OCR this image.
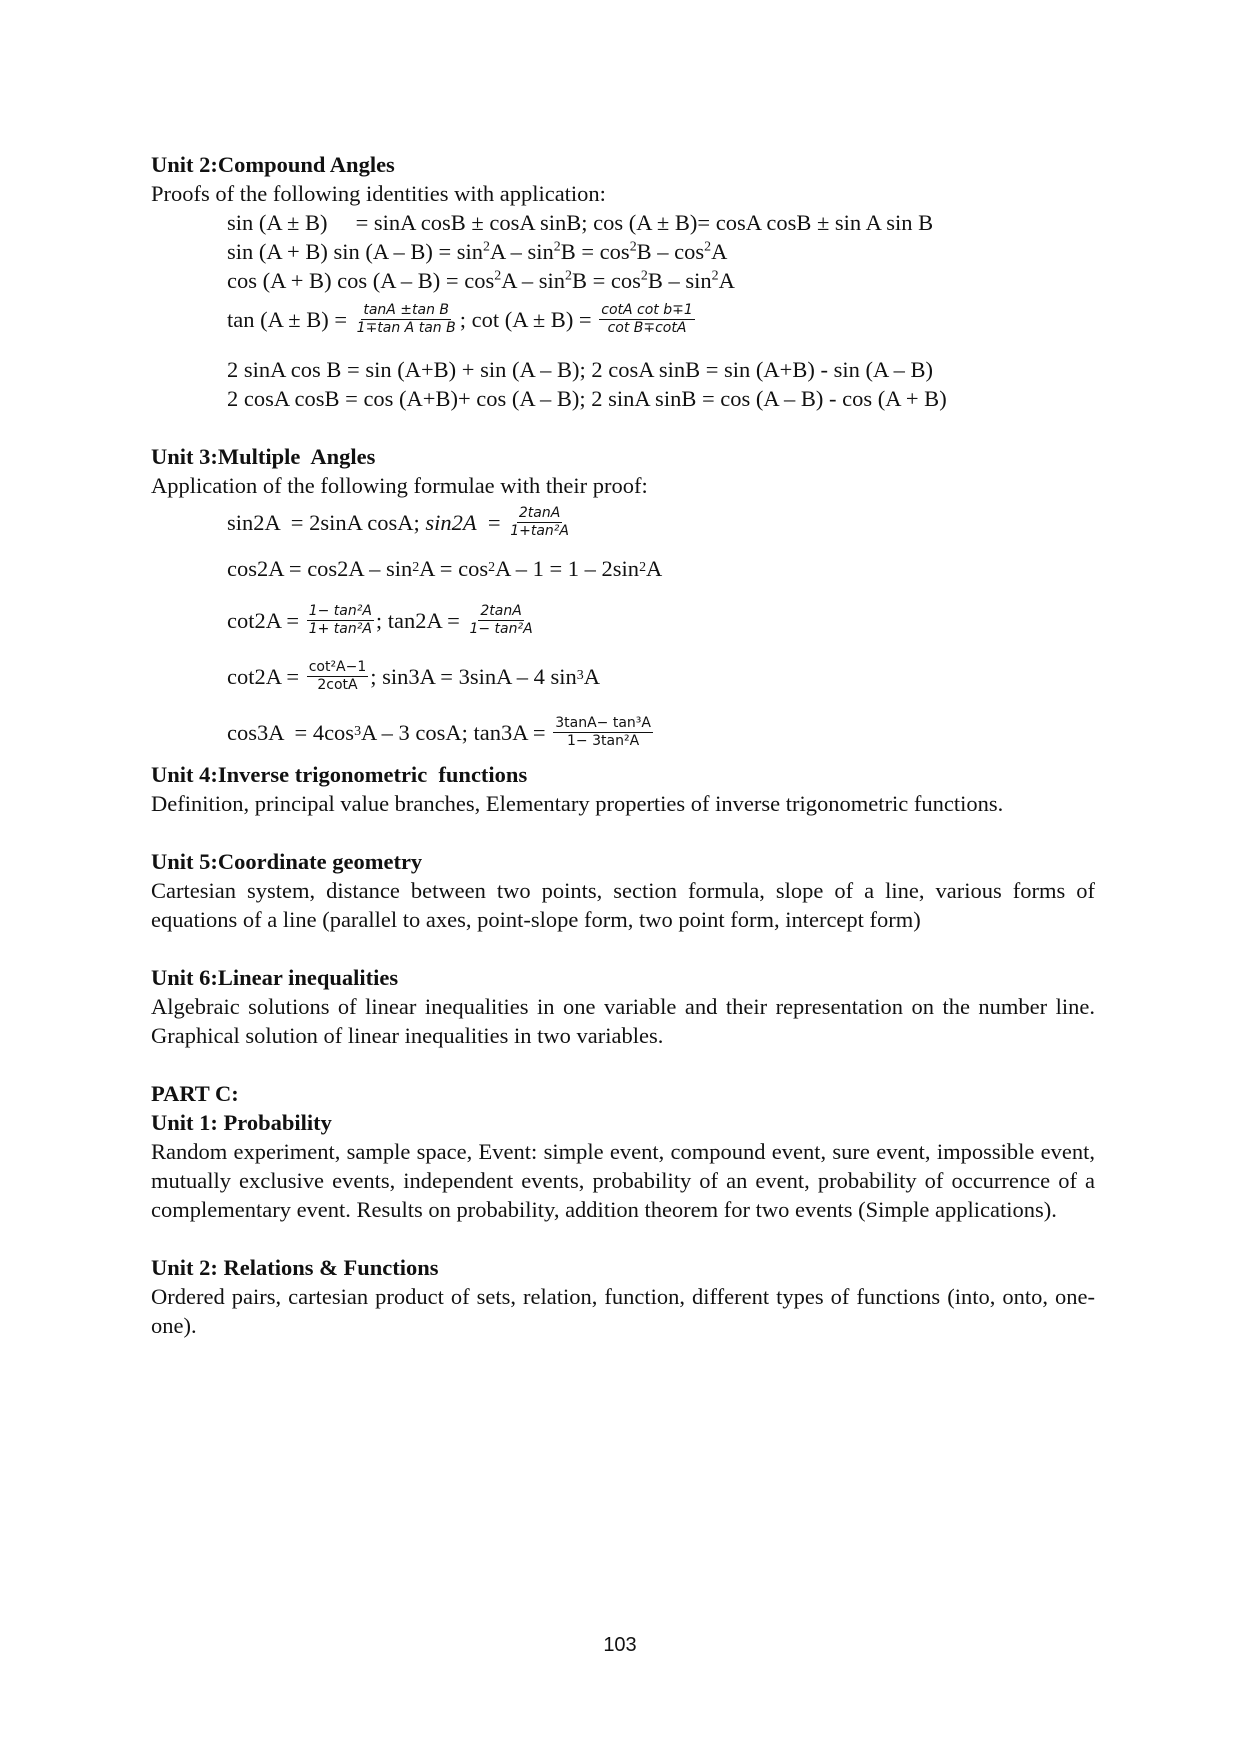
Unit 2:Compound Angles
Proofs of the following identities with application:
sin (A ± B)     = sinA cosB ± cosA sinB; cos (A ± B)= cosA cosB ± sin A sin B
sin (A + B) $\sin (A - B) = \sin^2A - \sin^2B = \cos^2B - \cos^2A$
cos (A + B) $\cos (A - B) = \cos^2A - \sin^2B = \cos^2B - \sin^2A$
tan (A ± B) =
$\frac{\text{tanA ±tan B}}{\text{1∓tan A tan B}}$ ; cot (A ± B) =
$\frac{\text{cotA cot b∓1}}{\text{cot B∓cotA}}$
2 sinA cos B = sin (A+B) + sin (A – B); 2 cosA sinB = sin (A+B) - sin (A – B)
2 cosA cosB = cos (A+B)+ cos (A – B); 2 sinA sinB = cos (A – B) - cos (A + B)
Unit 3:Multiple  Angles
Application of the following formulae with their proof:
sin2A  = 2sinA cosA; sin2A =
$\frac{2\tan A}{\text{1+tan²A}}$
cos2A = cos2A – sin 2 A = cos 2 A – 1 = 1 – 2sin 2 A
cot2A =
$\frac{\text{1− tan²A}}{\text{1+ tan²A}}$ ; tan2A =
$\frac{2\tan A}{\text{1− tan²A}}$
cot2A =
$\frac{\text{cot²A−1}}{2\cot A}$ ; sin3A = 3sinA – 4 sin 3 A
cos3A  = 4cos 3 A – 3 cosA; tan3A =
$\frac{\text{3tanA− tan³A}}{\text{1− 3tan²A}}$
Unit 4:Inverse trigonometric  functions
Definition, principal value branches, Elementary properties of inverse trigonometric functions.
Unit 5:Coordinate geometry
Cartesian system, distance between two points, section formula, slope of a line, various forms of equations of a line (parallel to axes, point-slope form, two point form, intercept form)
Unit 6:Linear inequalities
Algebraic solutions of linear inequalities in one variable and their representation on the number line. Graphical solution of linear inequalities in two variables.
PART C:
Unit 1: Probability
Random experiment, sample space, Event: simple event, compound event, sure event, impossible event, mutually exclusive events, independent events, probability of an event, probability of occurrence of a complementary event. Results on probability, addition theorem for two events (Simple applications).
Unit 2: Relations & Functions
Ordered pairs, cartesian product of sets, relation, function, different types of functions (into, onto, one-one).
103
